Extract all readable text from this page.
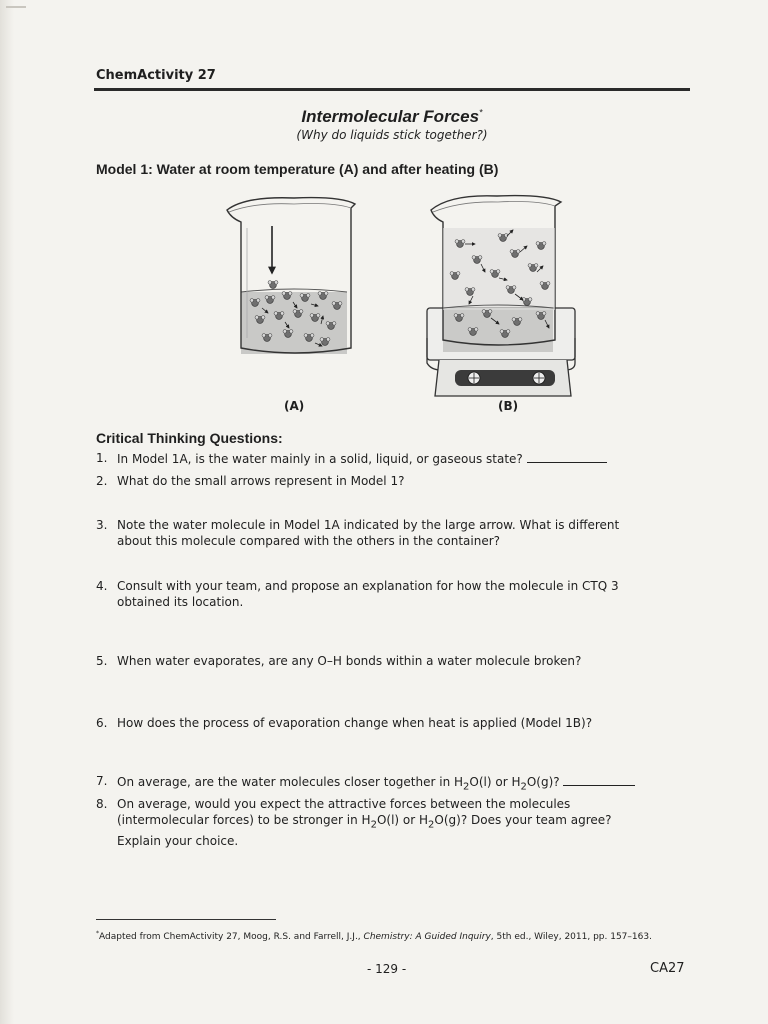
ChemActivity 27
Intermolecular Forces*
(Why do liquids stick together?)
Model 1: Water at room temperature (A) and after heating (B)
(A)	(B)
Critical Thinking Questions:
1. In Model 1A, is the water mainly in a solid, liquid, or gaseous state?
2. What do the small arrows represent in Model 1?
3. Note the water molecule in Model 1A indicated by the large arrow. What is different about this molecule compared with the others in the container?
4. Consult with your team, and propose an explanation for how the molecule in CTQ 3 obtained its location.
5. When water evaporates, are any O–H bonds within a water molecule broken?
6. How does the process of evaporation change when heat is applied (Model 1B)?
7. On average, are the water molecules closer together in $H_2O(l)$ or $H_2O(g)$?
8. On average, would you expect the attractive forces between the molecules (intermolecular forces) to be stronger in $H_2O(l)$ or $H_2O(g)$? Does your team agree? Explain your choice.
*Adapted from ChemActivity 27, Moog, R.S. and Farrell, J.J., Chemistry: A Guided Inquiry, 5th ed., Wiley, 2011, pp. 157–163.
- 129 -	CA27
